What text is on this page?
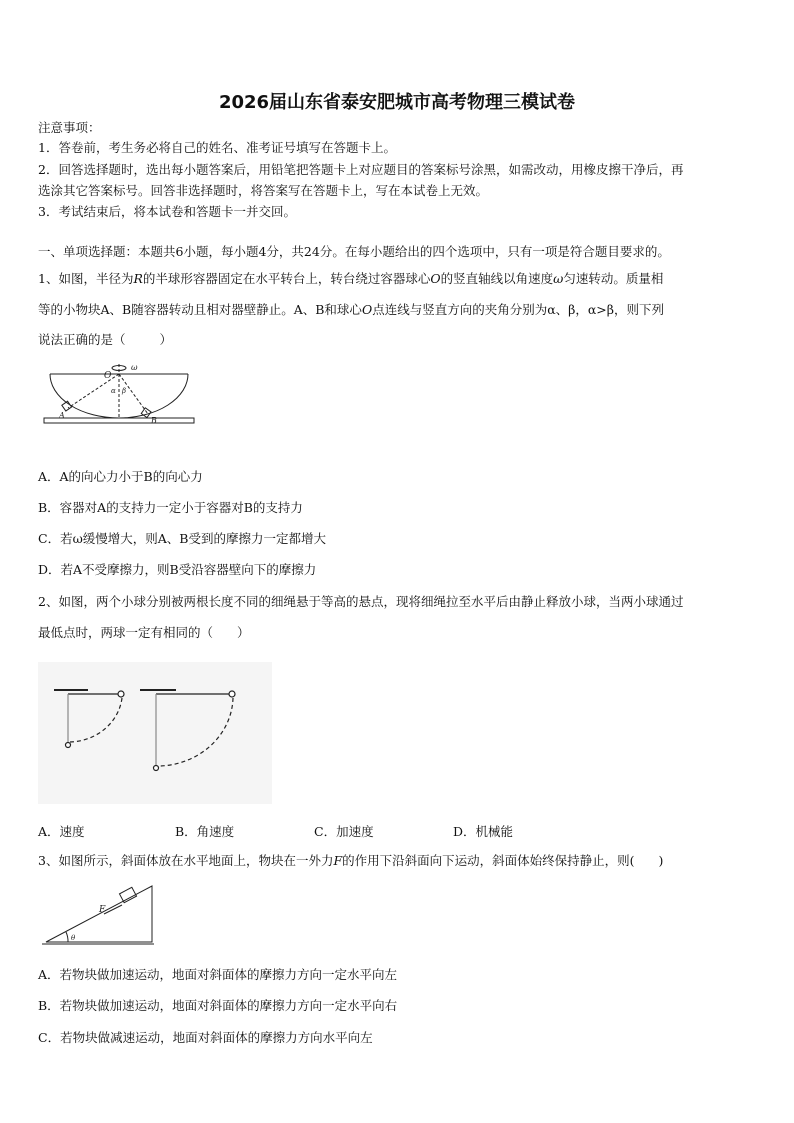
2026届山东省泰安肥城市高考物理三模试卷
注意事项：
1．答卷前，考生务必将自己的姓名、准考证号填写在答题卡上。
2．回答选择题时，选出每小题答案后，用铅笔把答题卡上对应题目的答案标号涂黑，如需改动，用橡皮擦干净后，再
选涂其它答案标号。回答非选择题时，将答案写在答题卡上，写在本试卷上无效。
3．考试结束后，将本试卷和答题卡一并交回。
一、单项选择题：本题共6小题，每小题4分，共24分。在每小题给出的四个选项中，只有一项是符合题目要求的。
1、如图，半径为R的半球形容器固定在水平转台上，转台绕过容器球心O的竖直轴线以角速度ω匀速转动。质量相
等的小物块A、B随容器转动且相对器壁静止。A、B和球心O点连线与竖直方向的夹角分别为α、β，α>β，则下列
说法正确的是（	）
O
ω
α β
A
B
A．A的向心力小于B的向心力
B．容器对A的支持力一定小于容器对B的支持力
C．若ω缓慢增大，则A、B受到的摩擦力一定都增大
D．若A不受摩擦力，则B受沿容器壁向下的摩擦力
2、如图，两个小球分别被两根长度不同的细绳悬于等高的悬点，现将细绳拉至水平后由静止释放小球，当两小球通过
最低点时，两球一定有相同的（ ）
A．速度	B．角速度	C．加速度	D．机械能
3、如图所示，斜面体放在水平地面上，物块在一外力F的作用下沿斜面向下运动，斜面体始终保持静止，则( )
F
θ
A．若物块做加速运动，地面对斜面体的摩擦力方向一定水平向左
B．若物块做加速运动，地面对斜面体的摩擦力方向一定水平向右
C．若物块做减速运动，地面对斜面体的摩擦力方向水平向左
